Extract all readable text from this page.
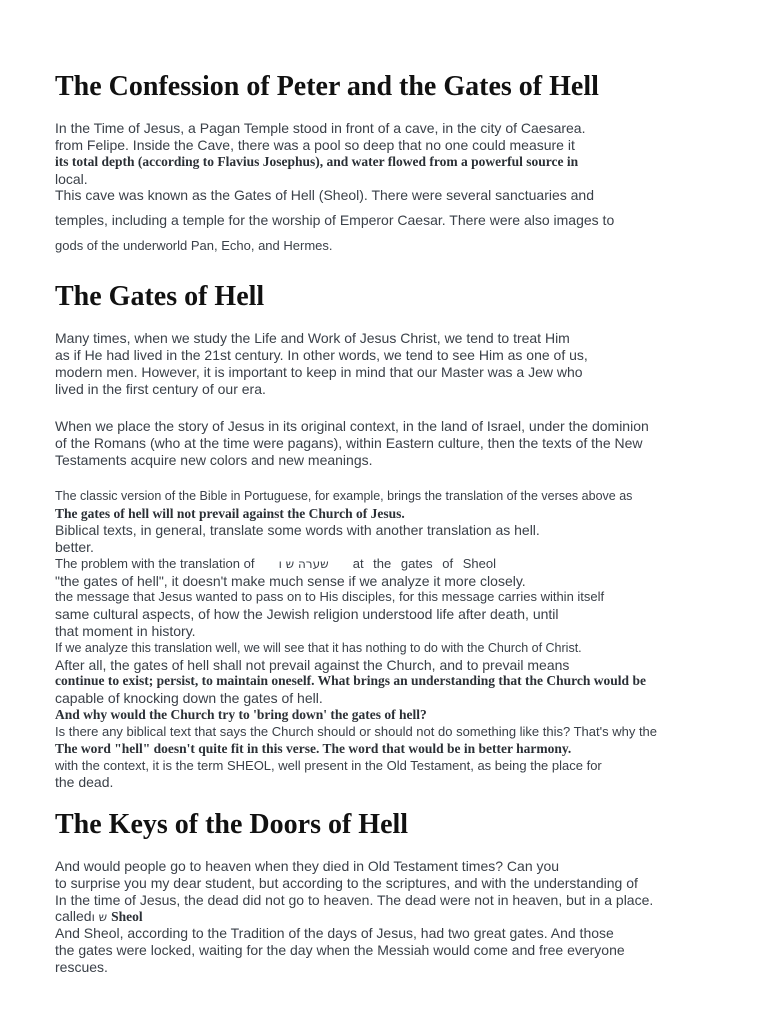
The Confession of Peter and the Gates of Hell
In the Time of Jesus, a Pagan Temple stood in front of a cave, in the city of Caesarea.
from Felipe. Inside the Cave, there was a pool so deep that no one could measure it
its total depth (according to Flavius Josephus), and water flowed from a powerful source in
local.
This cave was known as the Gates of Hell (Sheol). There were several sanctuaries and
temples, including a temple for the worship of Emperor Caesar. There were also images to
gods of the underworld Pan, Echo, and Hermes.
The Gates of Hell
Many times, when we study the Life and Work of Jesus Christ, we tend to treat Him
as if He had lived in the 21st century. In other words, we tend to see Him as one of us,
modern men. However, it is important to keep in mind that our Master was a Jew who
lived in the first century of our era.
When we place the story of Jesus in its original context, in the land of Israel, under the dominion
of the Romans (who at the time were pagans), within Eastern culture, then the texts of the New
Testaments acquire new colors and new meanings.
The classic version of the Bible in Portuguese, for example, brings the translation of the verses above as
The gates of hell will not prevail against the Church of Jesus.
Biblical texts, in general, translate some words with another translation as hell.
better.
The problem with the translation of שערה ש ו at the gates of Sheol
"the gates of hell", it doesn't make much sense if we analyze it more closely.
the message that Jesus wanted to pass on to His disciples, for this message carries within itself
same cultural aspects, of how the Jewish religion understood life after death, until
that moment in history.
If we analyze this translation well, we will see that it has nothing to do with the Church of Christ.
After all, the gates of hell shall not prevail against the Church, and to prevail means
continue to exist; persist, to maintain oneself. What brings an understanding that the Church would be
capable of knocking down the gates of hell.
And why would the Church try to 'bring down' the gates of hell?
Is there any biblical text that says the Church should or should not do something like this? That's why the
The word "hell" doesn't quite fit in this verse. The word that would be in better harmony.
with the context, it is the term SHEOL, well present in the Old Testament, as being the place for
the dead.
The Keys of the Doors of Hell
And would people go to heaven when they died in Old Testament times? Can you
to surprise you my dear student, but according to the scriptures, and with the understanding of
In the time of Jesus, the dead did not go to heaven. The dead were not in heaven, but in a place.
calledש ו Sheol
And Sheol, according to the Tradition of the days of Jesus, had two great gates. And those
the gates were locked, waiting for the day when the Messiah would come and free everyone
rescues.
